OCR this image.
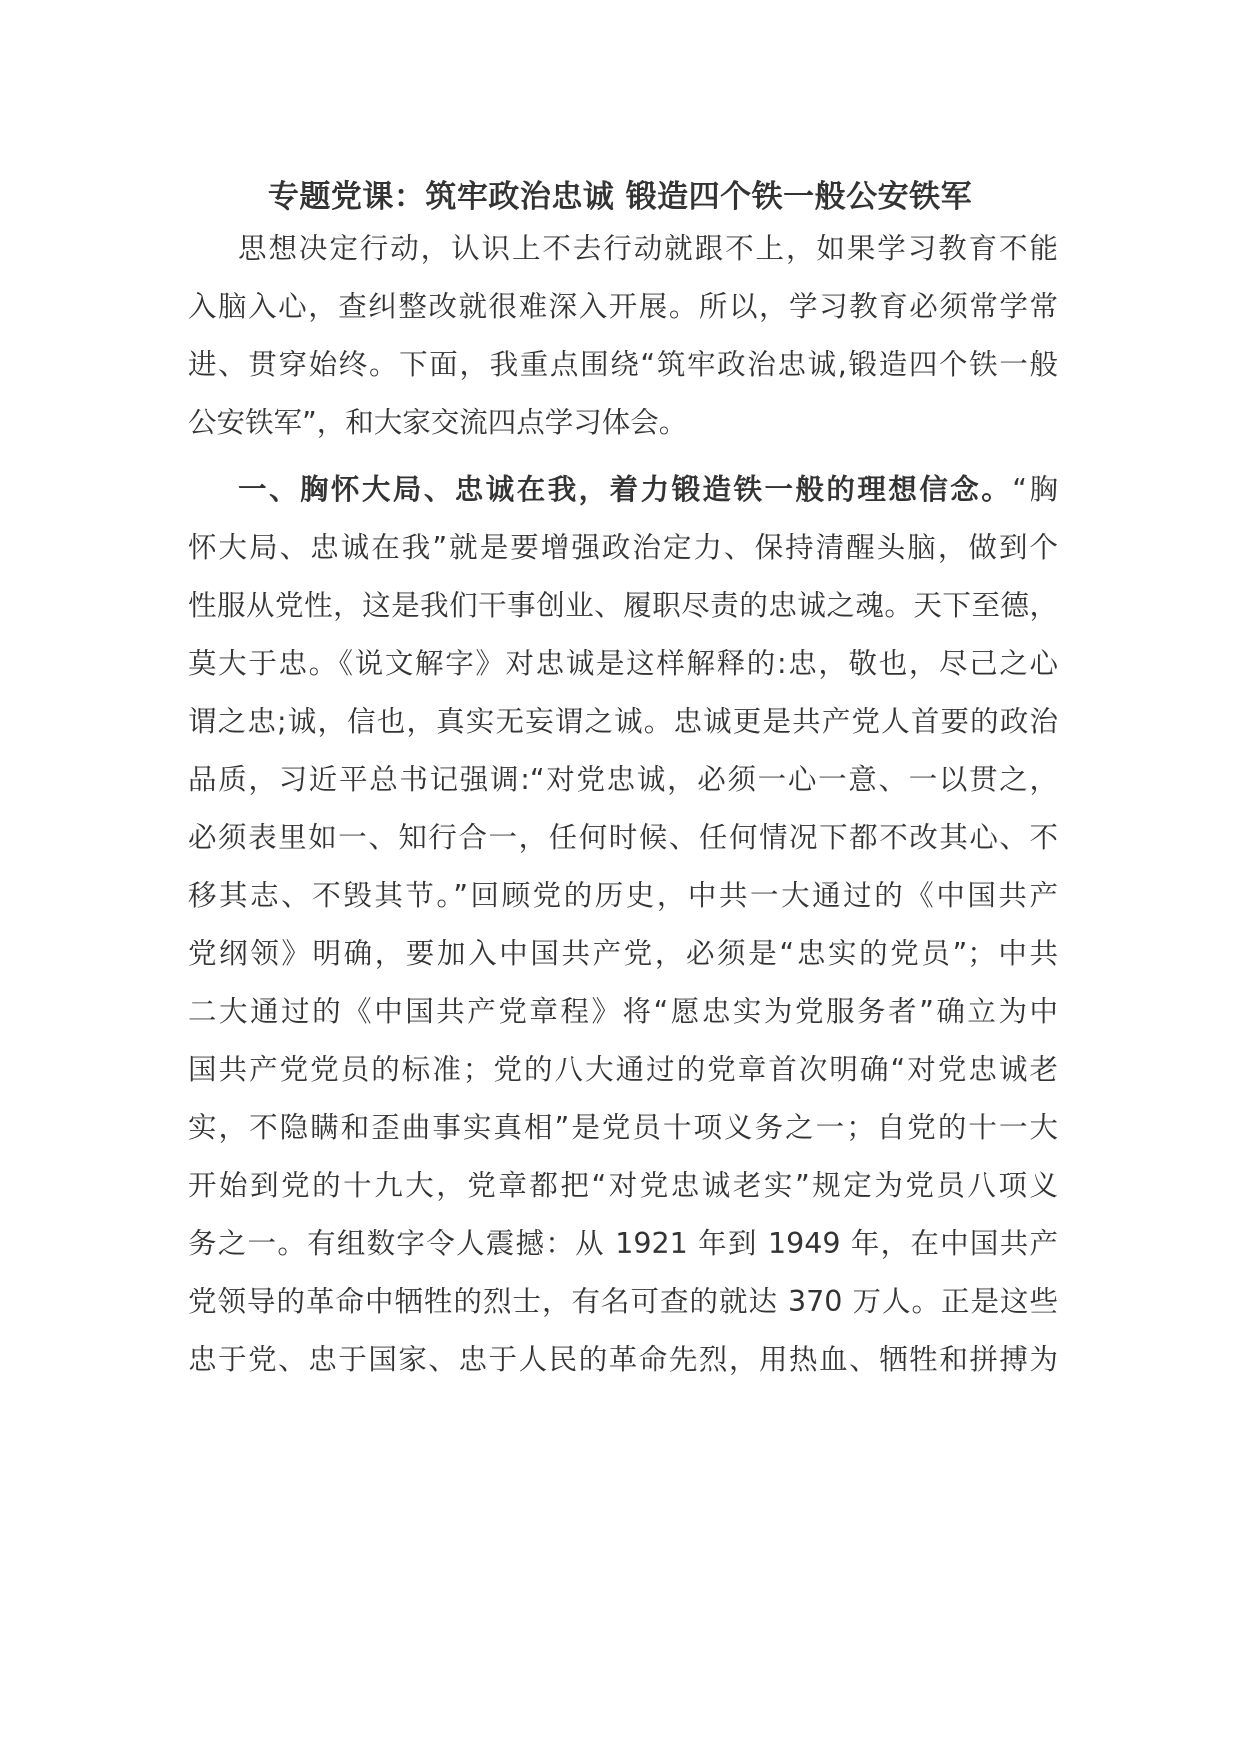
专题党课：筑牢政治忠诚 锻造四个铁一般公安铁军
思想决定行动，认识上不去行动就跟不上，如果学习教育不能
入脑入心，查纠整改就很难深入开展。所以，学习教育必须常学常
进、贯穿始终。下面，我重点围绕“筑牢政治忠诚,锻造四个铁一般
公安铁军”，和大家交流四点学习体会。
一、胸怀大局、忠诚在我，着力锻造铁一般的理想信念。“胸
怀大局、忠诚在我”就是要增强政治定力、保持清醒头脑，做到个
性服从党性，这是我们干事创业、履职尽责的忠诚之魂。天下至德，
莫大于忠。《说文解字》对忠诚是这样解释的:忠，敬也，尽己之心
谓之忠;诚，信也，真实无妄谓之诚。忠诚更是共产党人首要的政治
品质，习近平总书记强调:“对党忠诚，必须一心一意、一以贯之，
必须表里如一、知行合一，任何时候、任何情况下都不改其心、不
移其志、不毁其节。”回顾党的历史，中共一大通过的《中国共产
党纲领》明确，要加入中国共产党，必须是“忠实的党员”；中共
二大通过的《中国共产党章程》将“愿忠实为党服务者”确立为中
国共产党党员的标准；党的八大通过的党章首次明确“对党忠诚老
实，不隐瞒和歪曲事实真相”是党员十项义务之一；自党的十一大
开始到党的十九大，党章都把“对党忠诚老实”规定为党员八项义
务之一。有组数字令人震撼：从 1921 年到 1949 年，在中国共产
党领导的革命中牺牲的烈士，有名可查的就达 370 万人。正是这些
忠于党、忠于国家、忠于人民的革命先烈，用热血、牺牲和拼搏为
